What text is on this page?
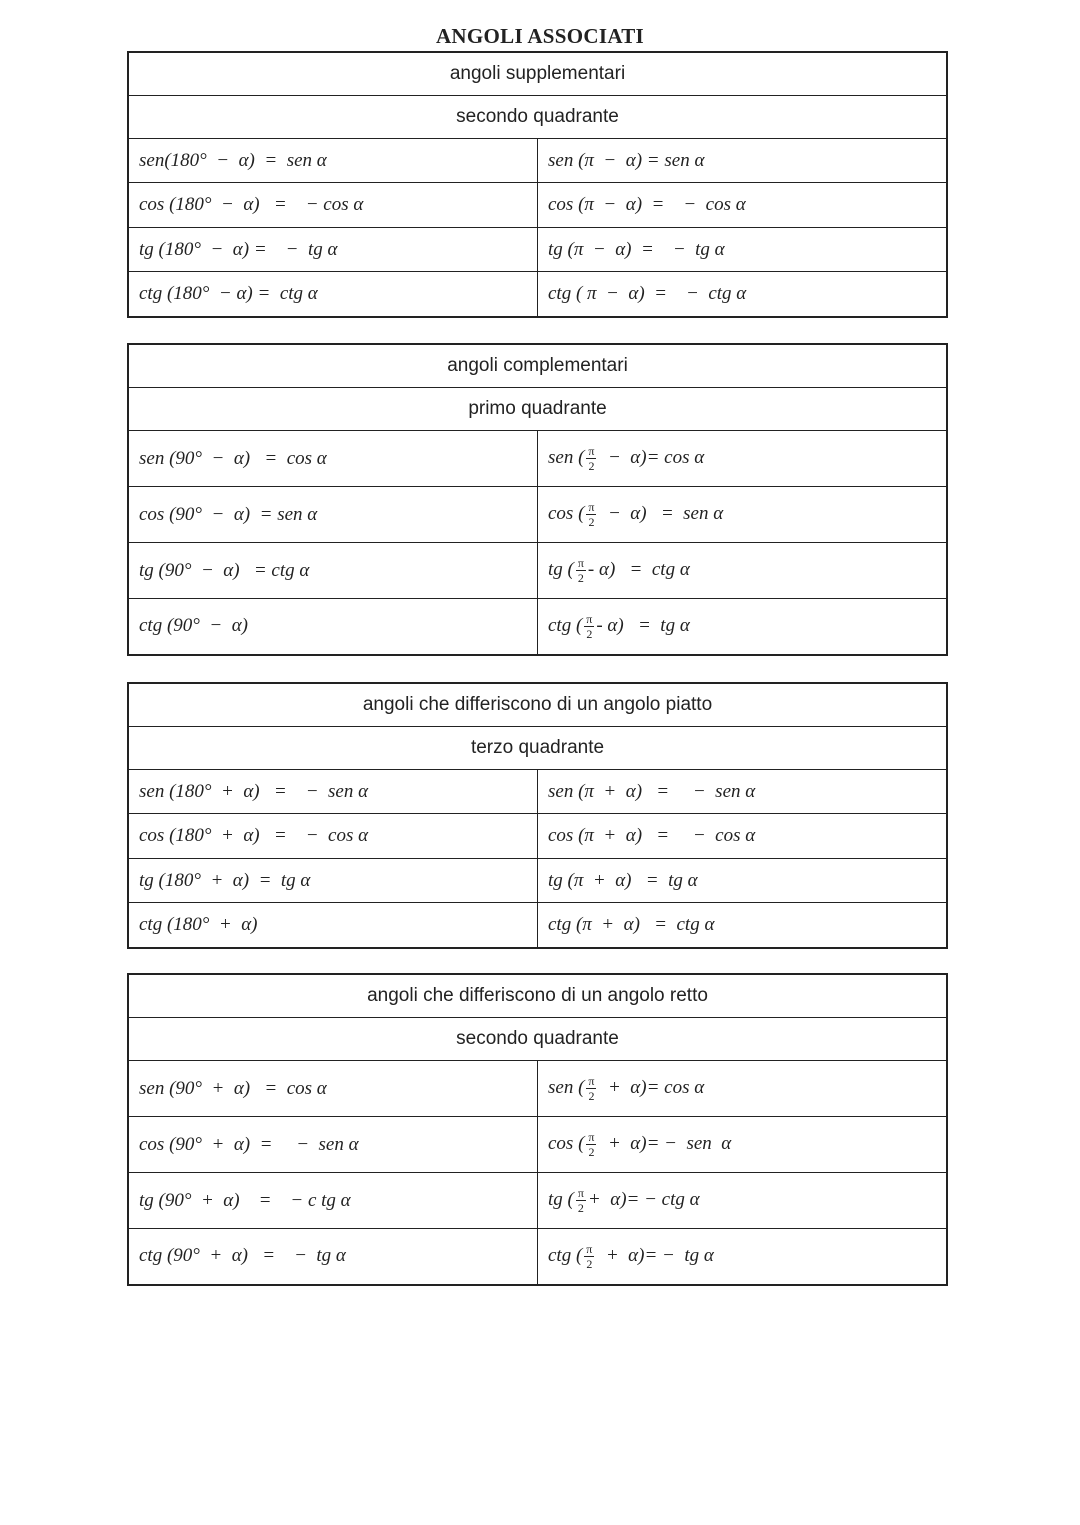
ANGOLI ASSOCIATI
angoli supplementari	
secondo quadrante	
sen(180°  −  α)  =  sen α	sen (π  −  α) = sen α
cos (180°  −  α)   =    − cos α	cos (π  −  α)  =    −  cos α
tg (180°  −  α) =    −  tg α	tg (π  −  α)  =    −  tg α
ctg (180°  − α) =  ctg α	ctg ( π  −  α)  =    −  ctg α
angoli complementari	
primo quadrante	
sen (90°  −  α)   =  cos α	sen ( $\frac{\pi}{2} - \alpha)= \cos \alpha$
cos (90°  −  α)  = sen α	cos ( $\frac{\pi}{2} - \alpha$)   =  sen α
tg (90°  −  α)   = ctg α	tg ( $\frac{\pi}{2} - \alpha$)   =  ctg α
ctg (90°  −  α)	ctg ( $\frac{\pi}{2} - \alpha$)   =  tg α
angoli che differiscono di un angolo piatto	
terzo quadrante	
sen (180°  +  α)   =    −  sen α	sen (π  +  α)   =     −  sen α
cos (180°  +  α)   =    −  cos α	cos (π  +  α)   =     −  cos α
tg (180°  +  α)  =  tg α	tg (π  +  α)   =  tg α
ctg (180°  +  α)	ctg (π  +  α)   =  ctg α
angoli che differiscono di un angolo retto	
secondo quadrante	
sen (90°  +  α)   =  cos α	sen ( $\frac{\pi}{2} + \alpha)= \cos \alpha$
cos (90°  +  α)  =     −  sen α	cos ( $\frac{\pi}{2} + \alpha)=$ −  sen  α
tg (90°  +  α)    =    − c tg α	tg ( $\frac{\pi}{2} + \alpha)=$ − ctg α
ctg (90°  +  α)   =    −  tg α	ctg ( $\frac{\pi}{2} + \alpha)=$ −  tg α
